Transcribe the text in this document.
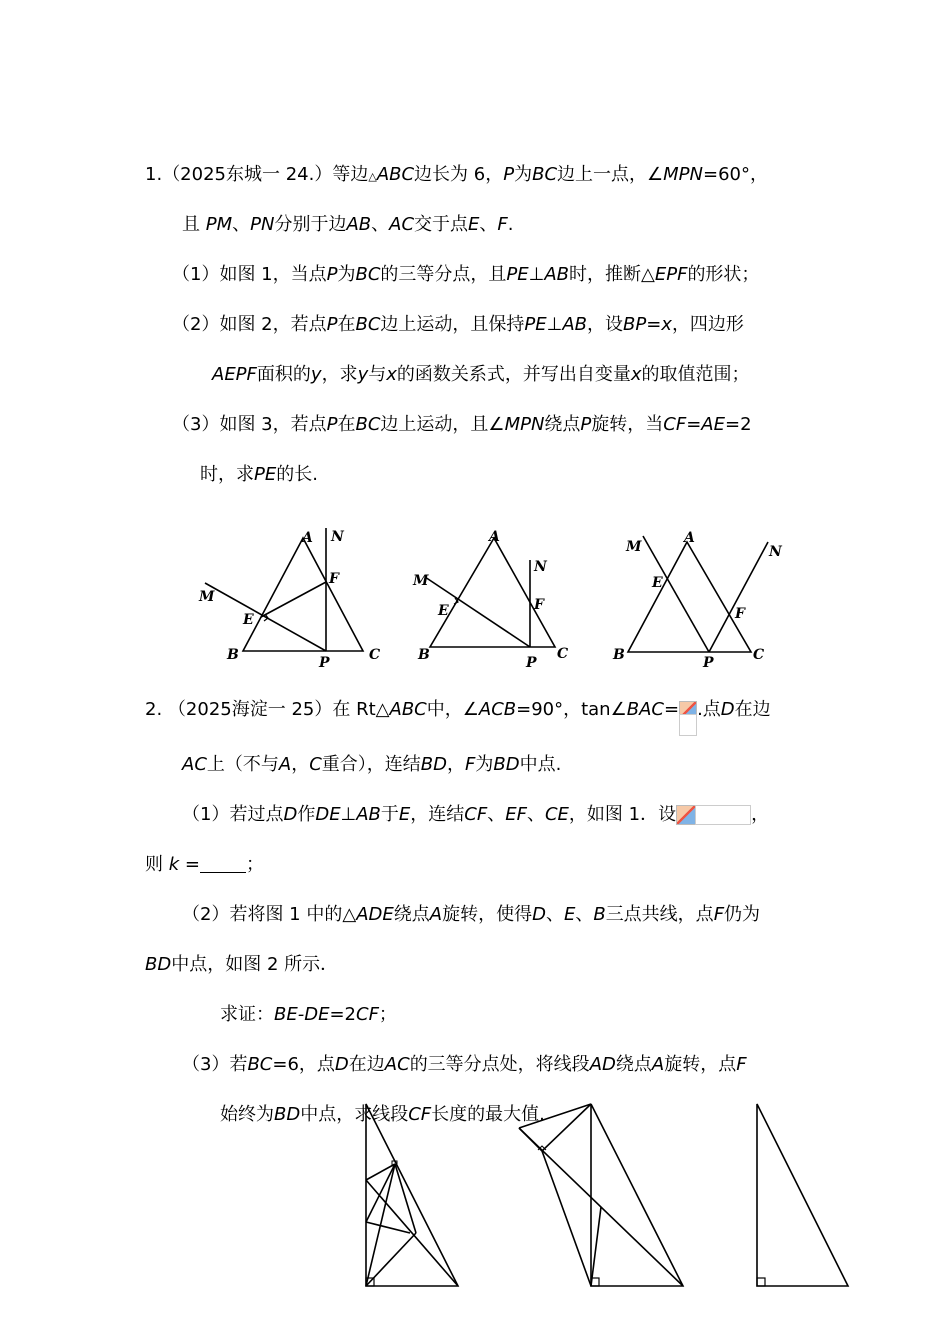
1.（2025东城一 24.）等边△ABC边长为 6，P为BC边上一点，∠MPN=60°，
且 PM、PN分别于边AB、AC交于点E、F.
（1）如图 1，当点P为BC的三等分点，且PE⊥AB时，推断△EPF的形状；
（2）如图 2，若点P在BC边上运动，且保持PE⊥AB，设BP=x，四边形
AEPF面积的y，求y与x的函数关系式，并写出自变量x的取值范围；
（3）如图 3，若点P在BC边上运动，且∠MPN绕点P旋转，当CF=AE=2
时，求PE的长.
A N
F
M
E
B	P	C
A
N
M
F
E
B	P
C
A
M	N
E
F
B	P	C
2. （2025海淀一 25）在 Rt△ABC中，∠ACB=90°，tan∠BAC= .点D在边
AC上（不与A，C重合），连结BD，F为BD中点.
（1）若过点D作DE⊥AB于E，连结CF、EF、CE，如图 1．设	，
则 k =	；
（2）若将图 1 中的△ADE绕点A旋转，使得D、E、B三点共线，点F仍为
BD中点，如图 2 所示．
求证：BE-DE=2CF；
（3）若BC=6，点D在边AC的三等分点处，将线段AD绕点A旋转，点F
始终为BD中点，求线段CF长度的最大值.
